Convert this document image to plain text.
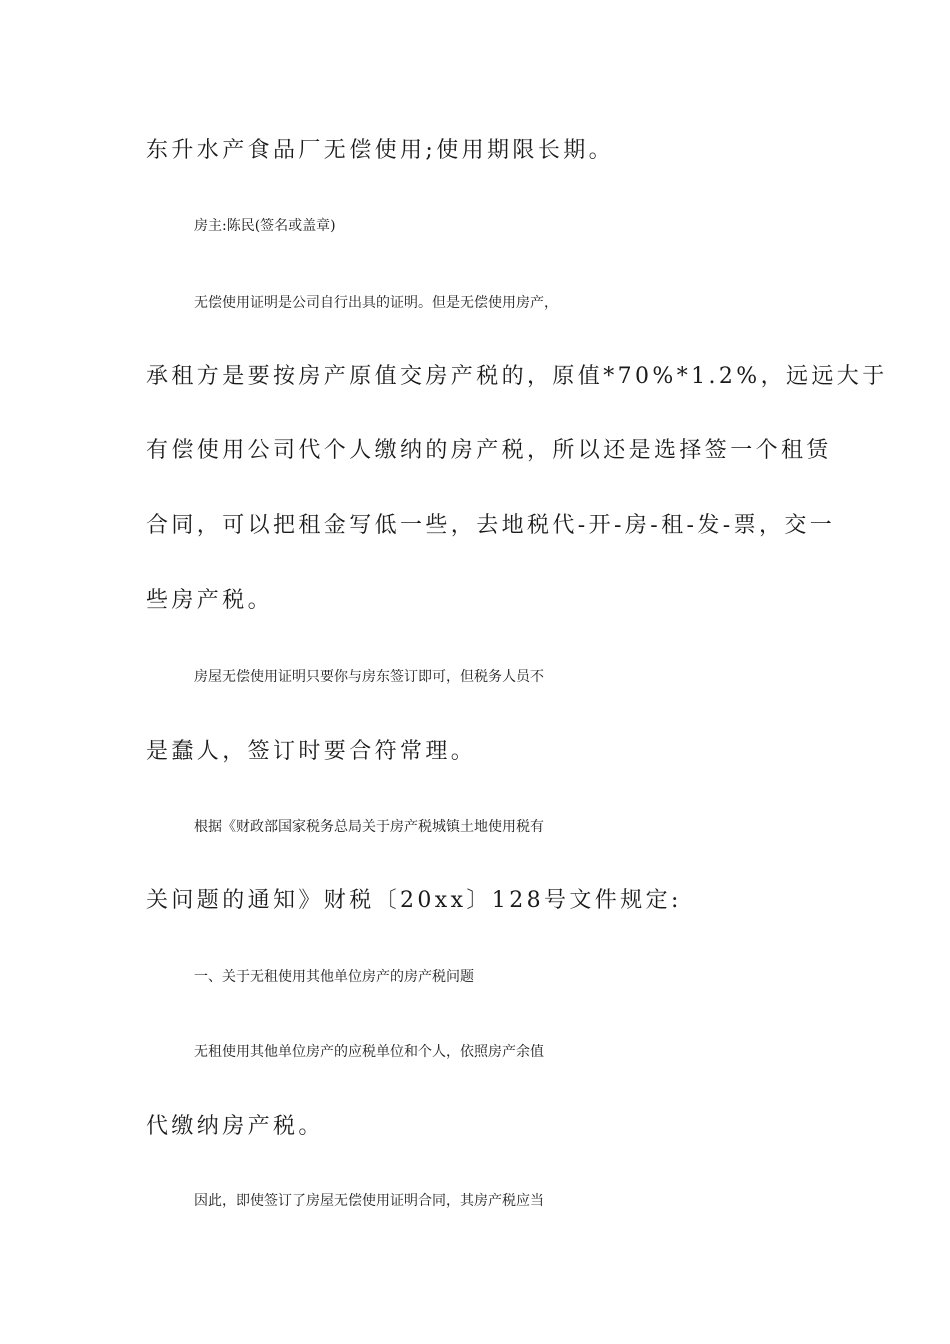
东升水产食品厂无偿使用;使用期限长期。
房主:陈民(签名或盖章)
无偿使用证明是公司自行出具的证明。但是无偿使用房产，
承租方是要按房产原值交房产税的，原值*70%*1.2%，远远大于
有偿使用公司代个人缴纳的房产税，所以还是选择签一个租赁
合同，可以把租金写低一些，去地税代-开-房-租-发-票，交一
些房产税。
房屋无偿使用证明只要你与房东签订即可，但税务人员不
是蠢人，签订时要合符常理。
根据《财政部国家税务总局关于房产税城镇土地使用税有
关问题的通知》财税〔20xx〕128号文件规定:
一、关于无租使用其他单位房产的房产税问题
无租使用其他单位房产的应税单位和个人，依照房产余值
代缴纳房产税。
因此，即使签订了房屋无偿使用证明合同，其房产税应当
